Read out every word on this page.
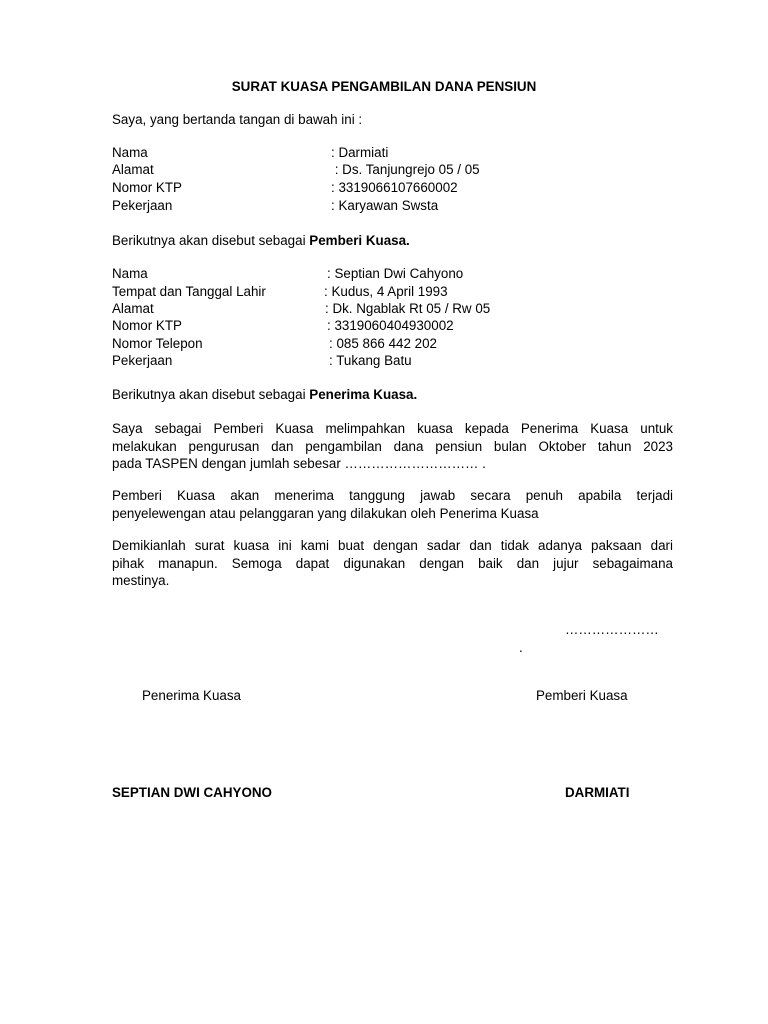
SURAT KUASA PENGAMBILAN DANA PENSIUN
Saya, yang bertanda tangan di bawah ini :
Nama	: Darmiati
Alamat	: Ds. Tanjungrejo 05 / 05
Nomor KTP	: 3319066107660002
Pekerjaan	: Karyawan Swsta
Berikutnya akan disebut sebagai Pemberi Kuasa.
Nama	: Septian Dwi Cahyono
Tempat dan Tanggal Lahir	: Kudus, 4 April 1993
Alamat	: Dk. Ngablak Rt 05 / Rw 05
Nomor KTP	: 3319060404930002
Nomor Telepon	: 085 866 442 202
Pekerjaan	: Tukang Batu
Berikutnya akan disebut sebagai Penerima Kuasa.
Saya sebagai Pemberi Kuasa melimpahkan kuasa kepada Penerima Kuasa untuk
melakukan pengurusan dan pengambilan dana pensiun bulan Oktober tahun 2023
pada TASPEN dengan jumlah sebesar ………………………… .
Pemberi Kuasa akan menerima tanggung jawab secara penuh apabila terjadi
penyelewengan atau pelanggaran yang dilakukan oleh Penerima Kuasa
Demikianlah surat kuasa ini kami buat dengan sadar dan tidak adanya paksaan dari
pihak manapun. Semoga dapat digunakan dengan baik dan jujur sebagaimana
mestinya.
…………………
.
Penerima Kuasa	Pemberi Kuasa
SEPTIAN DWI CAHYONO	DARMIATI
